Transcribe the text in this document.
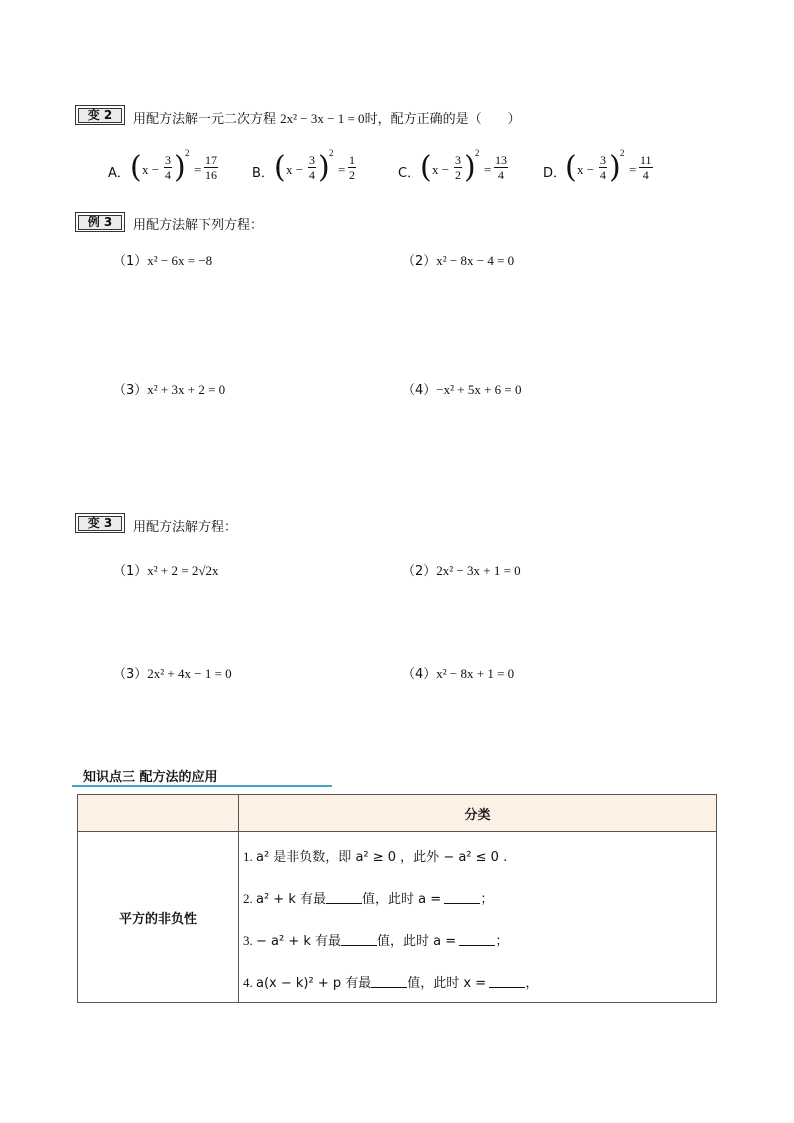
变 2	用配方法解一元二次方程 2x² − 3x − 1 = 0时，配方正确的是（　　）
A． ( $x - \frac{3}{4}$ ) 2
= $\frac{17}{16}$	B． ( $x - \frac{3}{4}$ ) 2
= $\frac{1}{2}$	C． ( $x - \frac{3}{2}$ ) 2
= $\frac{13}{4}$	D．
( $x - \frac{3}{4}$ ) 2
= $\frac{11}{4}$
例 3	用配方法解下列方程：
（1）x² − 6x = −8	（2）x² − 8x − 4 = 0
（3）x² + 3x + 2 = 0	（4）−x² + 5x + 6 = 0
变 3	用配方法解方程：
（1）x² + 2 = 2√2x	（2）2x² − 3x + 1 = 0
（3）2x² + 4x − 1 = 0	（4）x² − 8x + 1 = 0
知识点三 配方法的应用
	分类
平方的非负性	
1. a² 是非负数，即 a² ≥ 0 ，此外 − a² ≤ 0 .
2. a² + k 有最	值，此时 a =	；
3. − a² + k 有最	值，此时 a =	；
4. a(x − k)² + p 有最	值，此时 x =	，
